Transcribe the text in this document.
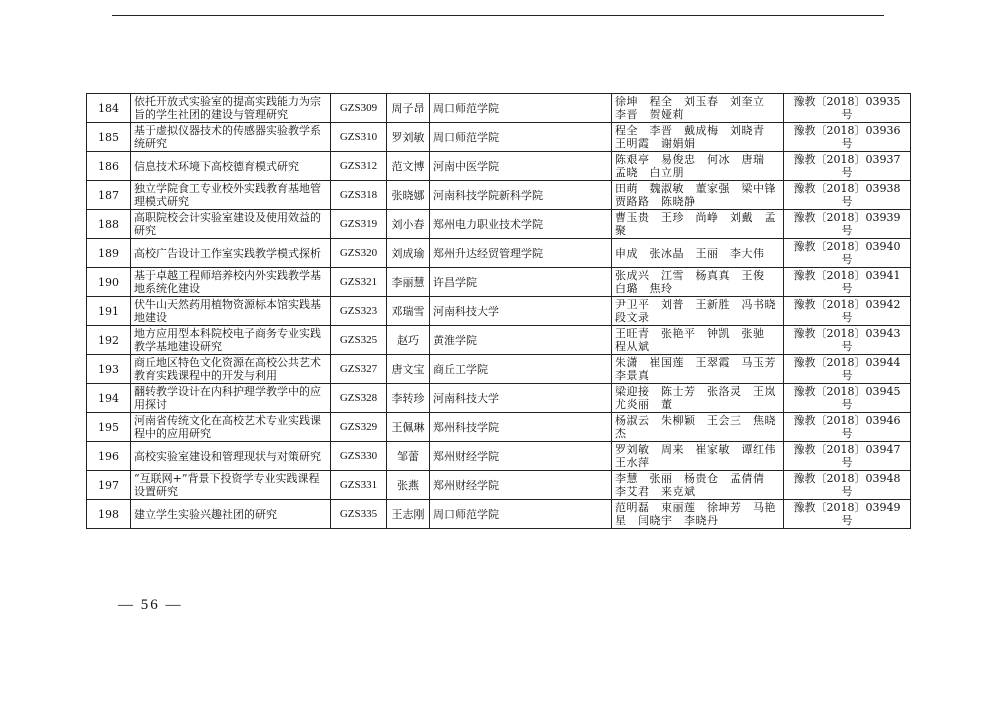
184	依托开放式实验室的提高实践能力为宗旨的学生社团的建设与管理研究	GZS309	周子昂	周口师范学院	徐坤　程全　刘玉春　刘奎立　李晋　贺娅莉	豫教〔2018〕03935 号
185	基于虚拟仪器技术的传感器实验教学系统研究	GZS310	罗刘敏	周口师范学院	程全　李晋　戴成梅　刘晓青　王明霞　谢娟娟	豫教〔2018〕03936 号
186	信息技术环境下高校德育模式研究	GZS312	范文博	河南中医学院	陈艰亭　易俊忠　何冰　唐瑞　孟晓　白立朋	豫教〔2018〕03937 号
187	独立学院食工专业校外实践教育基地管理模式研究	GZS318	张晓娜	河南科技学院新科学院	田萌　魏淑敏　董家强　梁中锋　贾路路　陈晓静	豫教〔2018〕03938 号
188	高职院校会计实验室建设及使用效益的研究	GZS319	刘小春	郑州电力职业技术学院	曹玉贵　王珍　尚峥　刘戴　孟聚	豫教〔2018〕03939 号
189	高校广告设计工作室实践教学模式探析	GZS320	刘成瑜	郑州升达经贸管理学院	申成　张冰晶　王丽　李大伟	豫教〔2018〕03940 号
190	基于卓越工程师培养校内外实践教学基地系统化建设	GZS321	李丽慧	许昌学院	张成兴　江雪　杨真真　王俊　白璐　焦玲	豫教〔2018〕03941 号
191	伏牛山天然药用植物资源标本馆实践基地建设	GZS323	邓瑞雪	河南科技大学	尹卫平　刘普　王新胜　冯书晓　段文录	豫教〔2018〕03942 号
192	地方应用型本科院校电子商务专业实践教学基地建设研究	GZS325	赵巧	黄淮学院	王旺青　张艳平　钟凯　张驰　程从斌	豫教〔2018〕03943 号
193	商丘地区特色文化资源在高校公共艺术教育实践课程中的开发与利用	GZS327	唐文宝	商丘工学院	朱潇　崔国莲　王翠霞　马玉芳　李景真	豫教〔2018〕03944 号
194	翻转教学设计在内科护理学教学中的应用探讨	GZS328	李转珍	河南科技大学	梁迎接　陈士芳　张洛灵　王岚　尤炎丽　董	豫教〔2018〕03945 号
195	河南省传统文化在高校艺术专业实践课程中的应用研究	GZS329	王佩琳	郑州科技学院	杨淑云　朱柳颖　王会三　焦晓杰	豫教〔2018〕03946 号
196	高校实验室建设和管理现状与对策研究	GZS330	邹蕾	郑州财经学院	罗刘敏　周来　崔家敏　谭红伟　王水萍	豫教〔2018〕03947 号
197	“互联网+”背景下投资学专业实践课程设置研究	GZS331	张燕	郑州财经学院	李慧　张丽　杨贵仓　孟倩倩　李艾君　来克斌	豫教〔2018〕03948 号
198	建立学生实验兴趣社团的研究	GZS335	王志刚	周口师范学院	范明磊　束丽莲　徐坤芳　马艳星　闫晓宇　李晓丹	豫教〔2018〕03949 号
— 56 —
